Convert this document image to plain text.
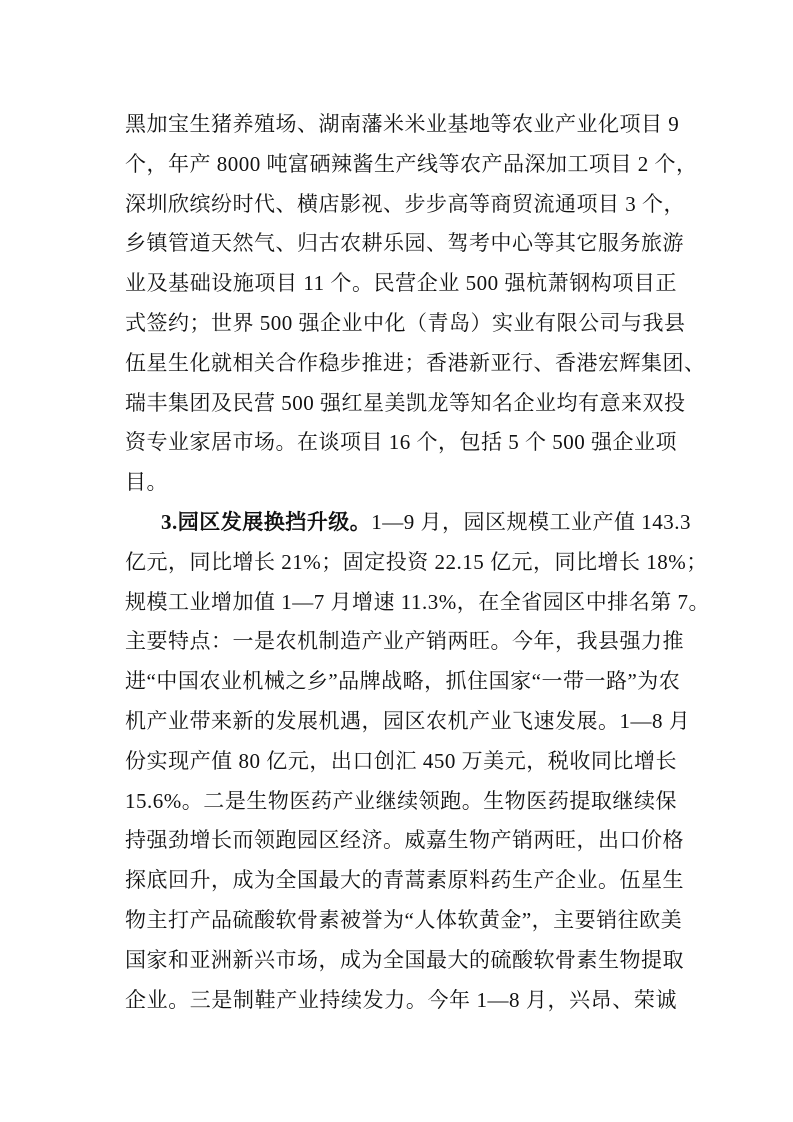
黑加宝生猪养殖场、湖南藩米米业基地等农业产业化项目 9
个，年产 8000 吨富硒辣酱生产线等农产品深加工项目 2 个，
深圳欣缤纷时代、横店影视、步步高等商贸流通项目 3 个，
乡镇管道天然气、归古农耕乐园、驾考中心等其它服务旅游
业及基础设施项目 11 个。民营企业 500 强杭萧钢构项目正
式签约；世界 500 强企业中化（青岛）实业有限公司与我县
伍星生化就相关合作稳步推进；香港新亚行、香港宏辉集团、
瑞丰集团及民营 500 强红星美凯龙等知名企业均有意来双投
资专业家居市场。在谈项目 16 个，包括 5 个 500 强企业项
目。
3.园区发展换挡升级。1—9 月，园区规模工业产值 143.3
亿元，同比增长 21%；固定投资 22.15 亿元，同比增长 18%；
规模工业增加值 1—7 月增速 11.3%，在全省园区中排名第 7。
主要特点：一是农机制造产业产销两旺。今年，我县强力推
进“中国农业机械之乡”品牌战略，抓住国家“一带一路”为农
机产业带来新的发展机遇，园区农机产业飞速发展。1—8 月
份实现产值 80 亿元，出口创汇 450 万美元，税收同比增长
15.6%。二是生物医药产业继续领跑。生物医药提取继续保
持强劲增长而领跑园区经济。威嘉生物产销两旺，出口价格
探底回升，成为全国最大的青蒿素原料药生产企业。伍星生
物主打产品硫酸软骨素被誉为“人体软黄金”，主要销往欧美
国家和亚洲新兴市场，成为全国最大的硫酸软骨素生物提取
企业。三是制鞋产业持续发力。今年 1—8 月，兴昂、荣诚
